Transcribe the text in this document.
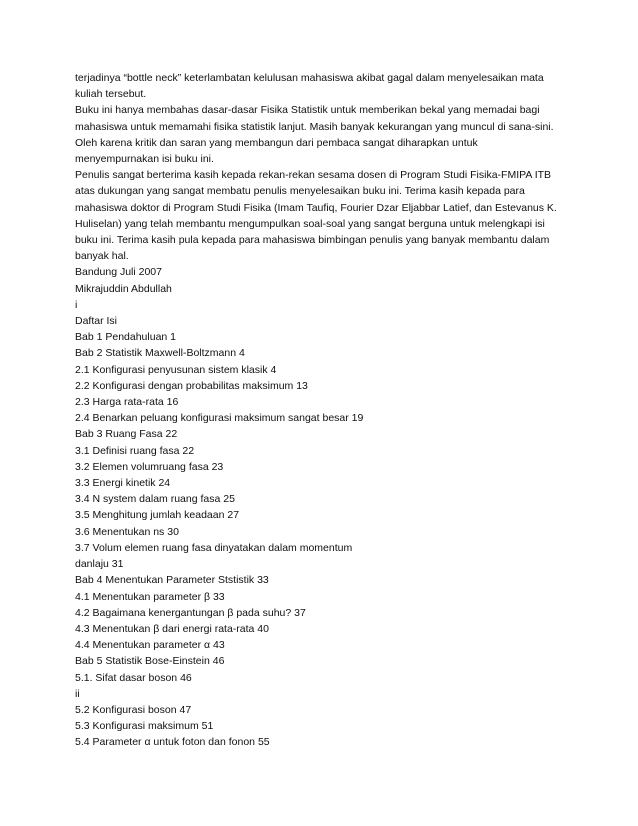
terjadinya “bottle neck” keterlambatan kelulusan mahasiswa akibat gagal dalam menyelesaikan mata
kuliah tersebut.
Buku ini hanya membahas dasar-dasar Fisika Statistik untuk memberikan bekal yang memadai bagi
mahasiswa untuk memamahi fisika statistik lanjut. Masih banyak kekurangan yang muncul di sana-sini.
Oleh karena kritik dan saran yang membangun dari pembaca sangat diharapkan untuk
menyempurnakan isi buku ini.
Penulis sangat berterima kasih kepada rekan-rekan sesama dosen di Program Studi Fisika-FMIPA ITB
atas dukungan yang sangat membatu penulis menyelesaikan buku ini. Terima kasih kepada para
mahasiswa doktor di Program Studi Fisika (Imam Taufiq, Fourier Dzar Eljabbar Latief, dan Estevanus K.
Huliselan) yang telah membantu mengumpulkan soal-soal yang sangat berguna untuk melengkapi isi
buku ini. Terima kasih pula kepada para mahasiswa bimbingan penulis yang banyak membantu dalam
banyak hal.
Bandung Juli 2007
Mikrajuddin Abdullah
i
Daftar Isi
Bab 1 Pendahuluan 1
Bab 2 Statistik Maxwell-Boltzmann 4
2.1 Konfigurasi penyusunan sistem klasik 4
2.2 Konfigurasi dengan probabilitas maksimum 13
2.3 Harga rata-rata 16
2.4 Benarkan peluang konfigurasi maksimum sangat besar 19
Bab 3 Ruang Fasa 22
3.1 Definisi ruang fasa 22
3.2 Elemen volumruang fasa 23
3.3 Energi kinetik 24
3.4 N system dalam ruang fasa 25
3.5 Menghitung jumlah keadaan 27
3.6 Menentukan ns 30
3.7 Volum elemen ruang fasa dinyatakan dalam momentum
danlaju 31
Bab 4 Menentukan Parameter Ststistik 33
4.1 Menentukan parameter β 33
4.2 Bagaimana kenergantungan β pada suhu? 37
4.3 Menentukan β dari energi rata-rata 40
4.4 Menentukan parameter α 43
Bab 5 Statistik Bose-Einstein 46
5.1. Sifat dasar boson 46
ii
5.2 Konfigurasi boson 47
5.3 Konfigurasi maksimum 51
5.4 Parameter α untuk foton dan fonon 55
